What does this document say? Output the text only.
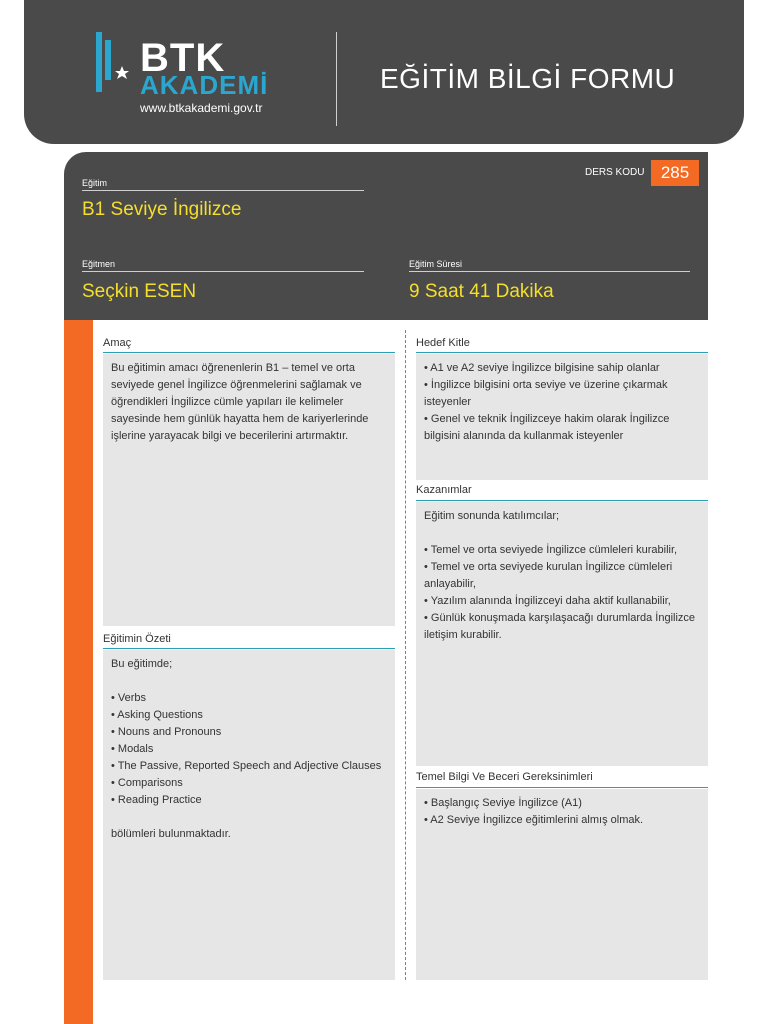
BTK
AKADEMİ
www.btkakademi.gov.tr
EĞİTİM BİLGİ FORMU
DERS KODU 285
Eğitim
B1 Seviye İngilizce
Eğitmen
Seçkin ESEN
Eğitim Süresi
9 Saat 41 Dakika
Amaç

Bu eğitimin amacı öğrenenlerin B1 – temel ve orta seviyede genel İngilizce öğrenmelerini sağlamak ve öğrendikleri İngilizce cümle yapıları ile kelimeler sayesinde hem günlük hayatta hem de kariyerlerinde işlerine yarayacak bilgi ve becerilerini artırmaktır.

Eğitimin Özeti

Bu eğitimde;

• Verbs
• Asking Questions
• Nouns and Pronouns
• Modals
• The Passive, Reported Speech and Adjective Clauses
• Comparisons
• Reading Practice

bölümleri bulunmaktadır.

Hedef Kitle
• A1 ve A2 seviye İngilizce bilgisine sahip olanlar
• İngilizce bilgisini orta seviye ve üzerine çıkarmak isteyenler
• Genel ve teknik İngilizceye hakim olarak İngilizce bilgisini alanında da kullanmak isteyenler
Kazanımlar

Eğitim sonunda katılımcılar;

• Temel ve orta seviyede İngilizce cümleleri kurabilir,
• Temel ve orta seviyede kurulan İngilizce cümleleri anlayabilir,
• Yazılım alanında İngilizceyi daha aktif kullanabilir,
• Günlük konuşmada karşılaşacağı durumlarda İngilizce iletişim kurabilir.
Temel Bilgi Ve Beceri Gereksinimleri
• Başlangıç Seviye İngilizce (A1)
• A2 Seviye İngilizce eğitimlerini almış olmak.
